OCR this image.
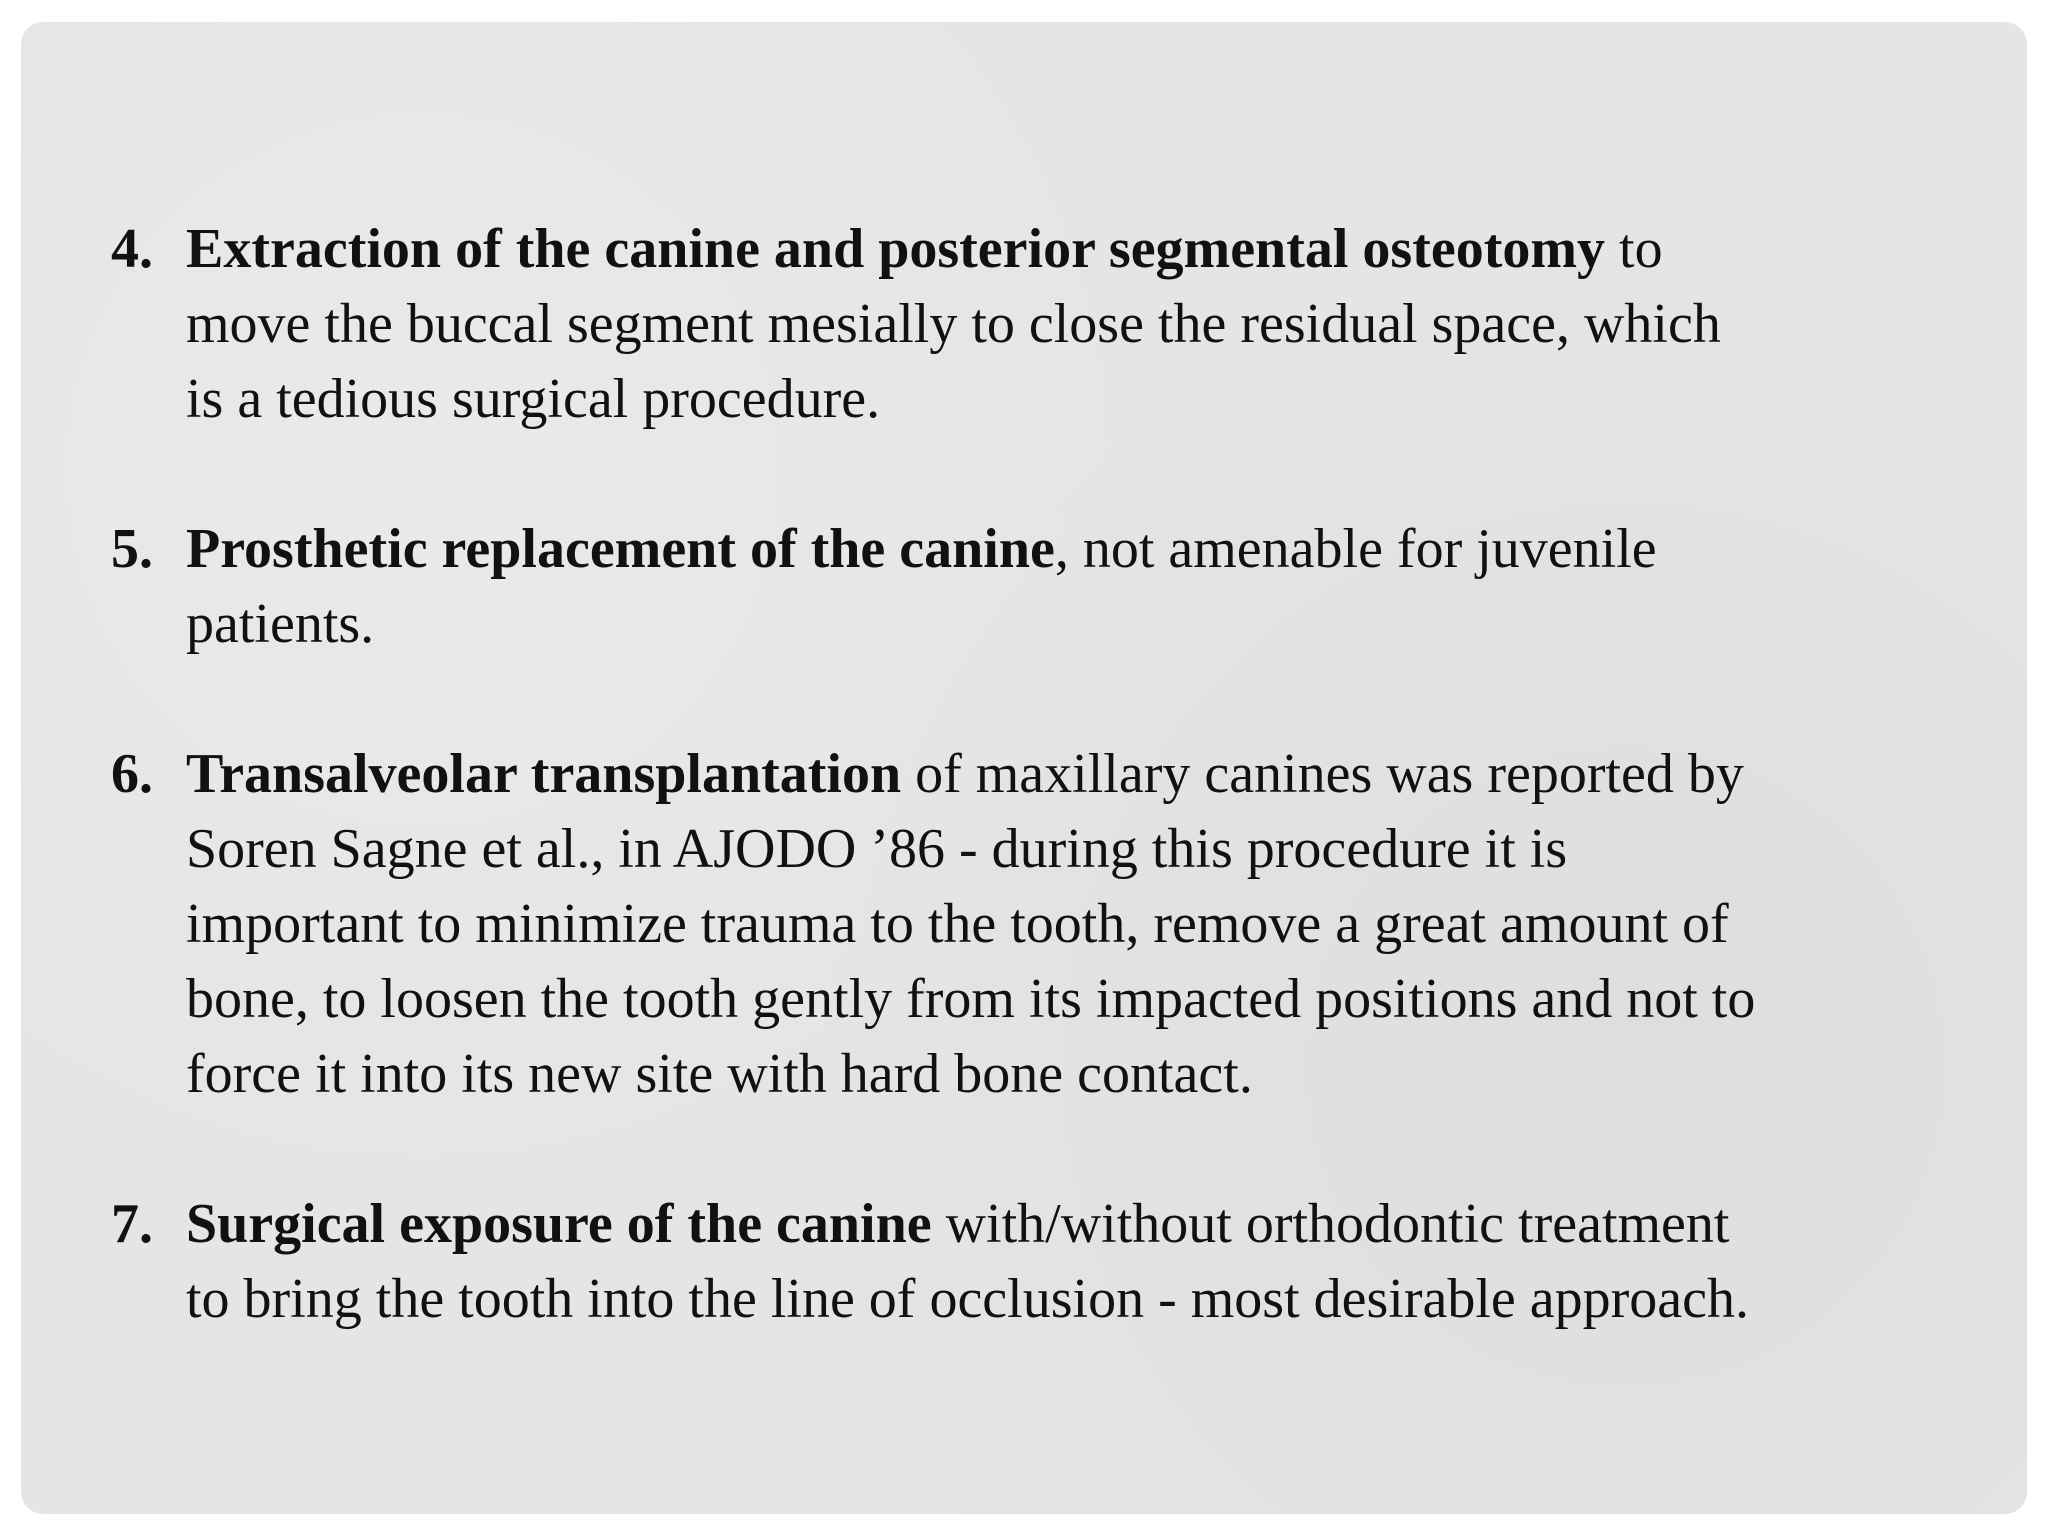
4. Extraction of the canine and posterior segmental osteotomy to
move the buccal segment mesially to close the residual space, which
is a tedious surgical procedure.
5. Prosthetic replacement of the canine, not amenable for juvenile
patients.
6. Transalveolar transplantation of maxillary canines was reported by
Soren Sagne et al., in AJODO ’86 - during this procedure it is
important to minimize trauma to the tooth, remove a great amount of
bone, to loosen the tooth gently from its impacted positions and not to
force it into its new site with hard bone contact.
7. Surgical exposure of the canine with/without orthodontic treatment
to bring the tooth into the line of occlusion - most desirable approach.
